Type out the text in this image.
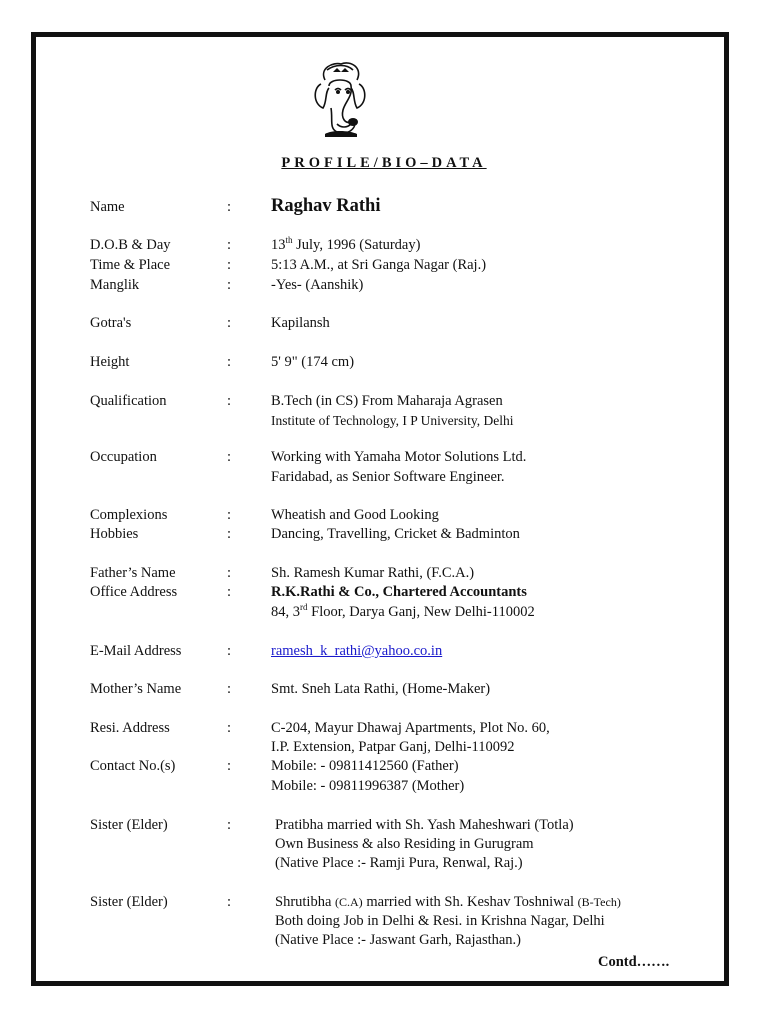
PROFILE/BIO–DATA
Name	: Raghav Rathi
D.O.B & Day	:	13th July, 1996 (Saturday)
Time & Place	:	5:13 A.M., at Sri Ganga Nagar (Raj.)
Manglik	:	-Yes- (Aanshik)
Gotra's	:	Kapilansh
Height	:	5' 9" (174 cm)
Qualification	:	B.Tech (in CS) From Maharaja Agrasen
Institute of Technology, I P University, Delhi
Occupation	:	Working with Yamaha Motor Solutions Ltd.
Faridabad, as Senior Software Engineer.
Complexions	:	Wheatish and Good Looking
Hobbies	:	Dancing, Travelling, Cricket & Badminton
Father’s Name	:	Sh. Ramesh Kumar Rathi, (F.C.A.)
Office Address	:	R.K.Rathi & Co., Chartered Accountants
84, 3rd Floor, Darya Ganj, New Delhi-110002
E-Mail Address	:	ramesh_k_rathi@yahoo.co.in
Mother’s Name	:	Smt. Sneh Lata Rathi, (Home-Maker)
Resi. Address	:	C-204, Mayur Dhawaj Apartments, Plot No. 60,
I.P. Extension, Patpar Ganj, Delhi-110092
Contact No.(s)	:	Mobile: - 09811412560 (Father)
Mobile: - 09811996387 (Mother)
Sister (Elder)	:	Pratibha married with Sh. Yash Maheshwari (Totla)
Own Business & also Residing in Gurugram
(Native Place :- Ramji Pura, Renwal, Raj.)
Sister (Elder)	:	Shrutibha (C.A) married with Sh. Keshav Toshniwal (B-Tech)
Both doing Job in Delhi & Resi. in Krishna Nagar, Delhi
(Native Place :- Jaswant Garh, Rajasthan.)
Contd…….
